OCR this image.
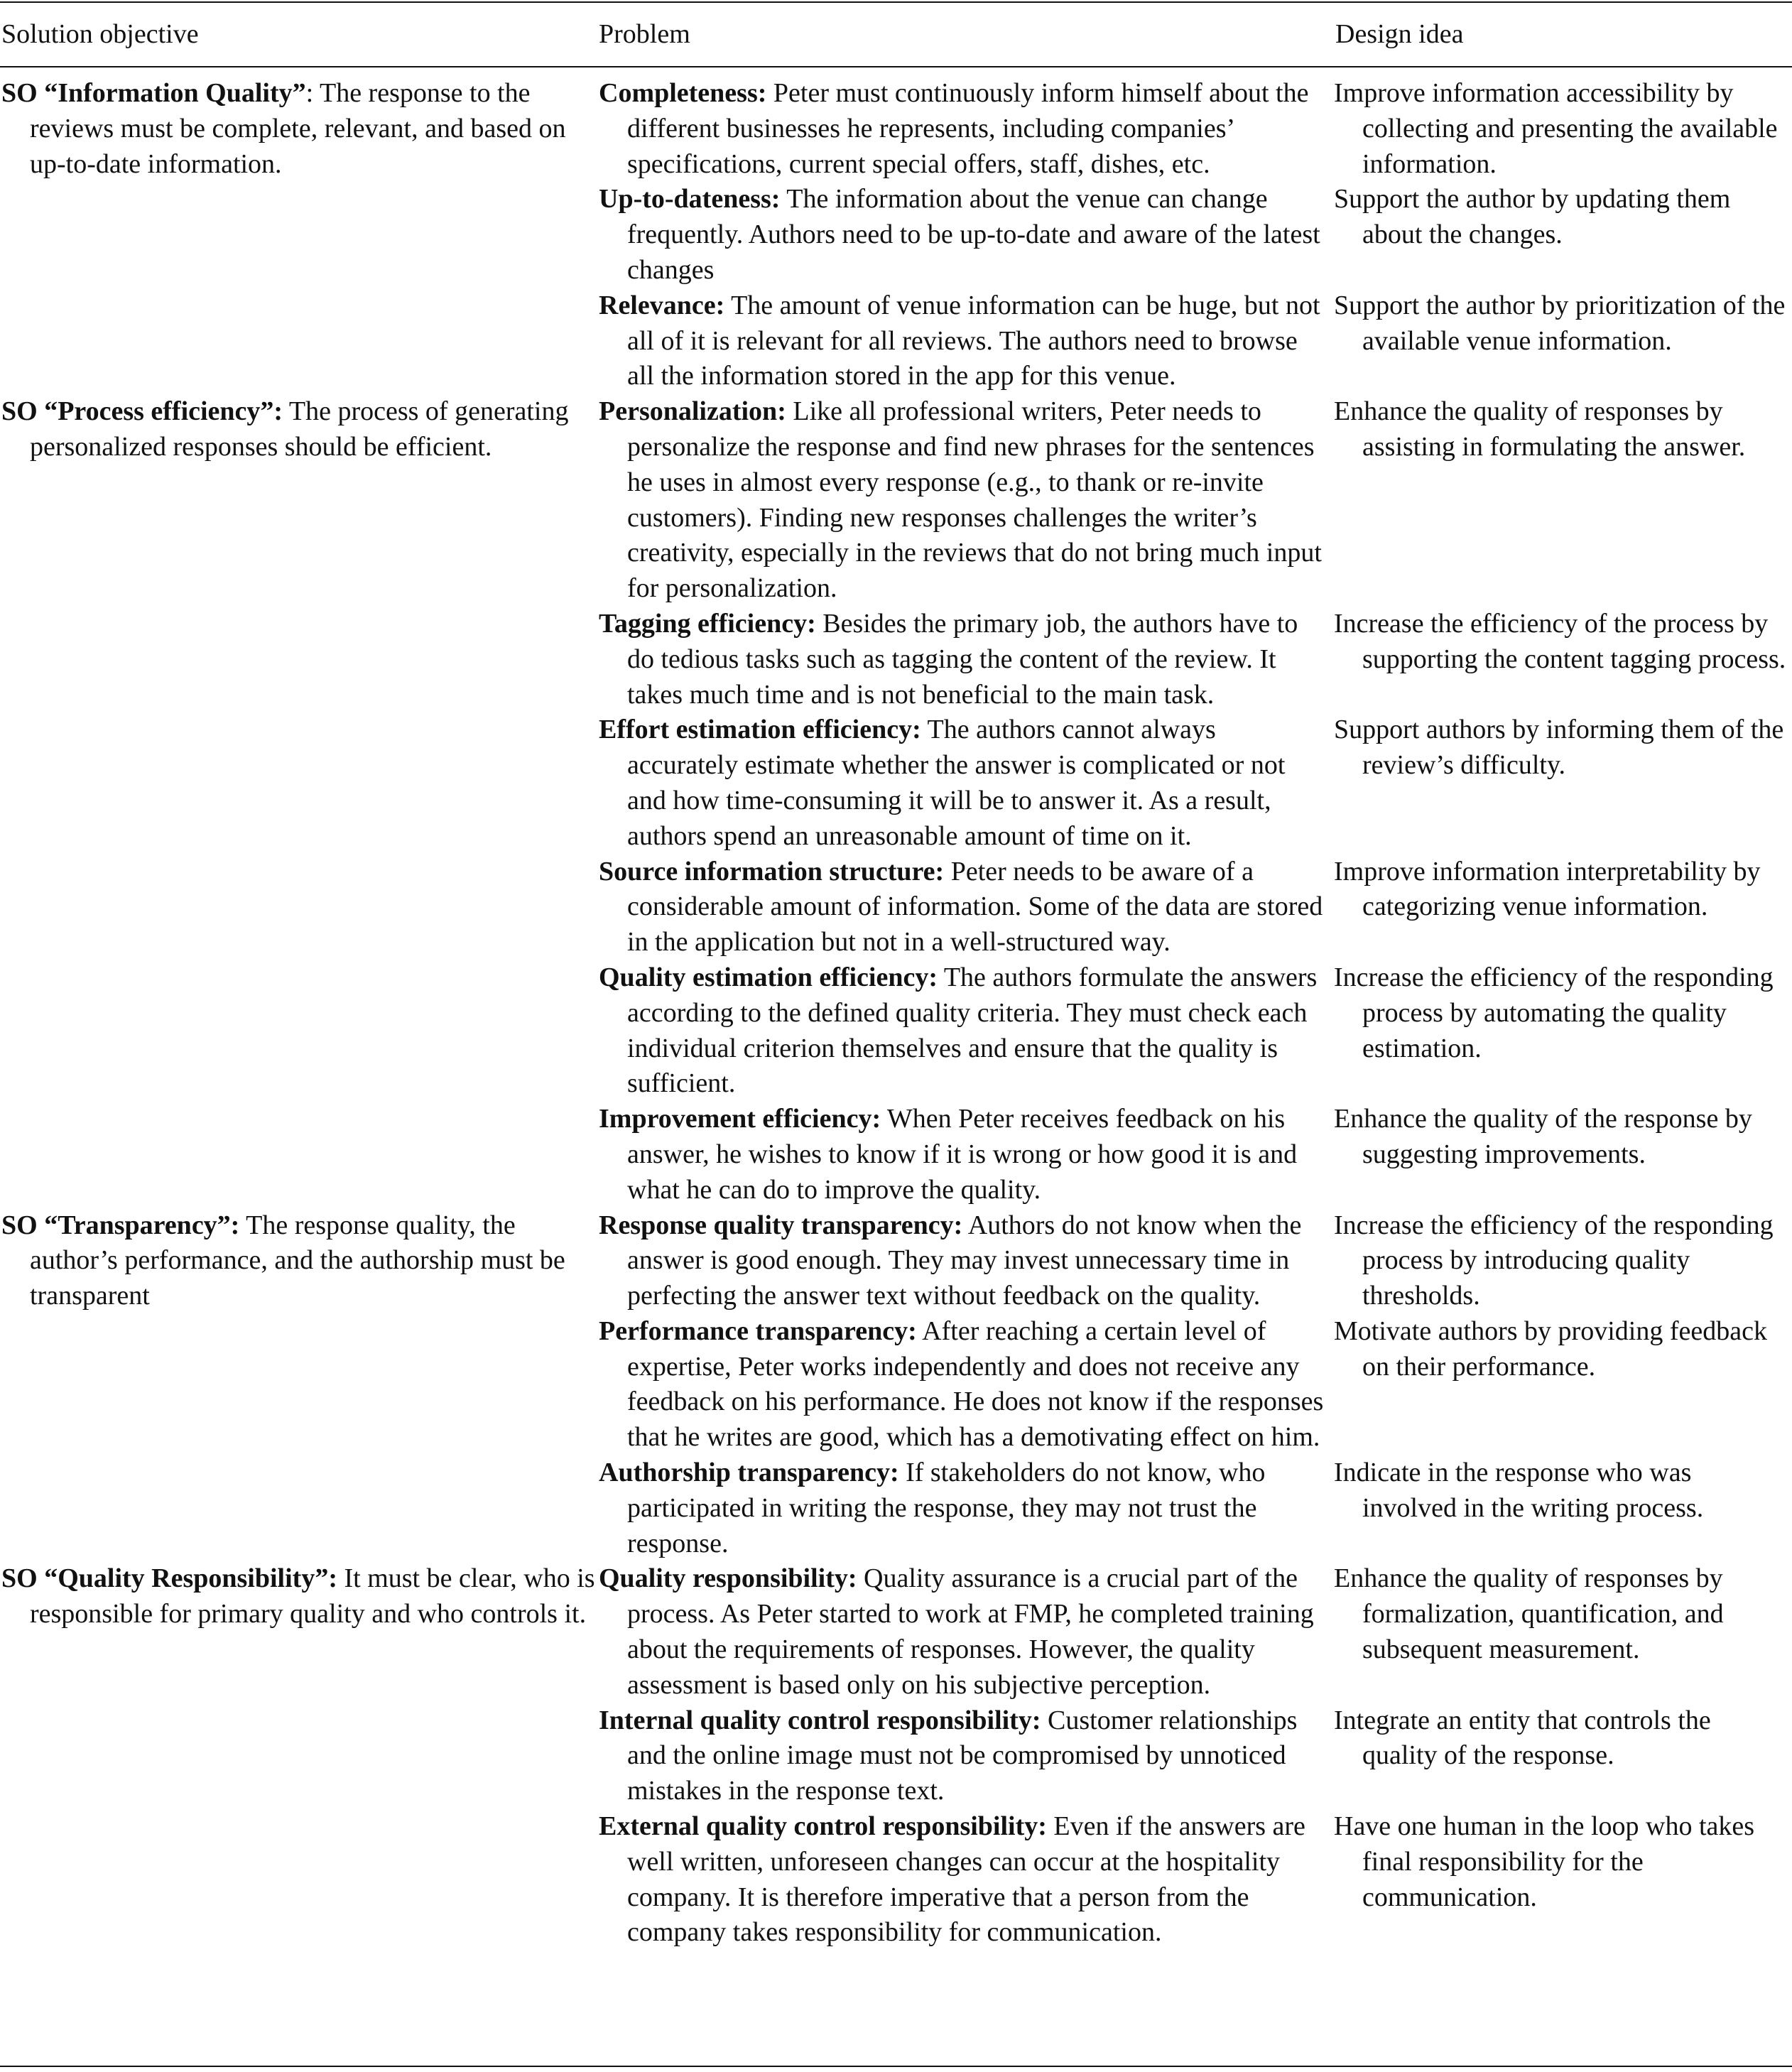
Solution objective	Problem	Design idea

SO “Information Quality”: The response to the reviews must be complete, relevant, and based on up-to-date information.

Completeness: Peter must continuously inform himself about the different businesses he represents, including companies’ specifications, current special offers, staff, dishes, etc.

Improve information accessibility by collecting and presenting the available information.

Up-to-dateness: The information about the venue can change frequently. Authors need to be up-to-date and aware of the latest changes

Support the author by updating them about the changes.

Relevance: The amount of venue information can be huge, but not all of it is relevant for all reviews. The authors need to browse all the information stored in the app for this venue.

Support the author by prioritization of the available venue information.

SO “Process efficiency”: The process of generating personalized responses should be efficient.

Personalization: Like all professional writers, Peter needs to personalize the response and find new phrases for the sentences he uses in almost every response (e.g., to thank or re-invite customers). Finding new responses challenges the writer’s creativity, especially in the reviews that do not bring much input for personalization.

Enhance the quality of responses by assisting in formulating the answer.

Tagging efficiency: Besides the primary job, the authors have to do tedious tasks such as tagging the content of the review. It takes much time and is not beneficial to the main task.

Increase the efficiency of the process by supporting the content tagging process.

Effort estimation efficiency: The authors cannot always accurately estimate whether the answer is complicated or not and how time-consuming it will be to answer it. As a result, authors spend an unreasonable amount of time on it.

Support authors by informing them of the review’s difficulty.

Source information structure: Peter needs to be aware of a considerable amount of information. Some of the data are stored in the application but not in a well-structured way.

Improve information interpretability by categorizing venue information.

Quality estimation efficiency: The authors formulate the answers according to the defined quality criteria. They must check each individual criterion themselves and ensure that the quality is sufficient.

Increase the efficiency of the responding process by automating the quality estimation.

Improvement efficiency: When Peter receives feedback on his answer, he wishes to know if it is wrong or how good it is and what he can do to improve the quality.

Enhance the quality of the response by suggesting improvements.

SO “Transparency”: The response quality, the author’s performance, and the authorship must be transparent

Response quality transparency: Authors do not know when the answer is good enough. They may invest unnecessary time in perfecting the answer text without feedback on the quality.

Increase the efficiency of the responding process by introducing quality thresholds.

Performance transparency: After reaching a certain level of expertise, Peter works independently and does not receive any feedback on his performance. He does not know if the responses that he writes are good, which has a demotivating effect on him.

Motivate authors by providing feedback on their performance.

Authorship transparency: If stakeholders do not know, who participated in writing the response, they may not trust the response.

Indicate in the response who was involved in the writing process.

SO “Quality Responsibility”: It must be clear, who is responsible for primary quality and who controls it.

Quality responsibility: Quality assurance is a crucial part of the process. As Peter started to work at FMP, he completed training about the requirements of responses. However, the quality assessment is based only on his subjective perception.

Enhance the quality of responses by formalization, quantification, and subsequent measurement.

Internal quality control responsibility: Customer relationships and the online image must not be compromised by unnoticed mistakes in the response text.

Integrate an entity that controls the quality of the response.

External quality control responsibility: Even if the answers are well written, unforeseen changes can occur at the hospitality company. It is therefore imperative that a person from the company takes responsibility for communication.

Have one human in the loop who takes final responsibility for the communication.
